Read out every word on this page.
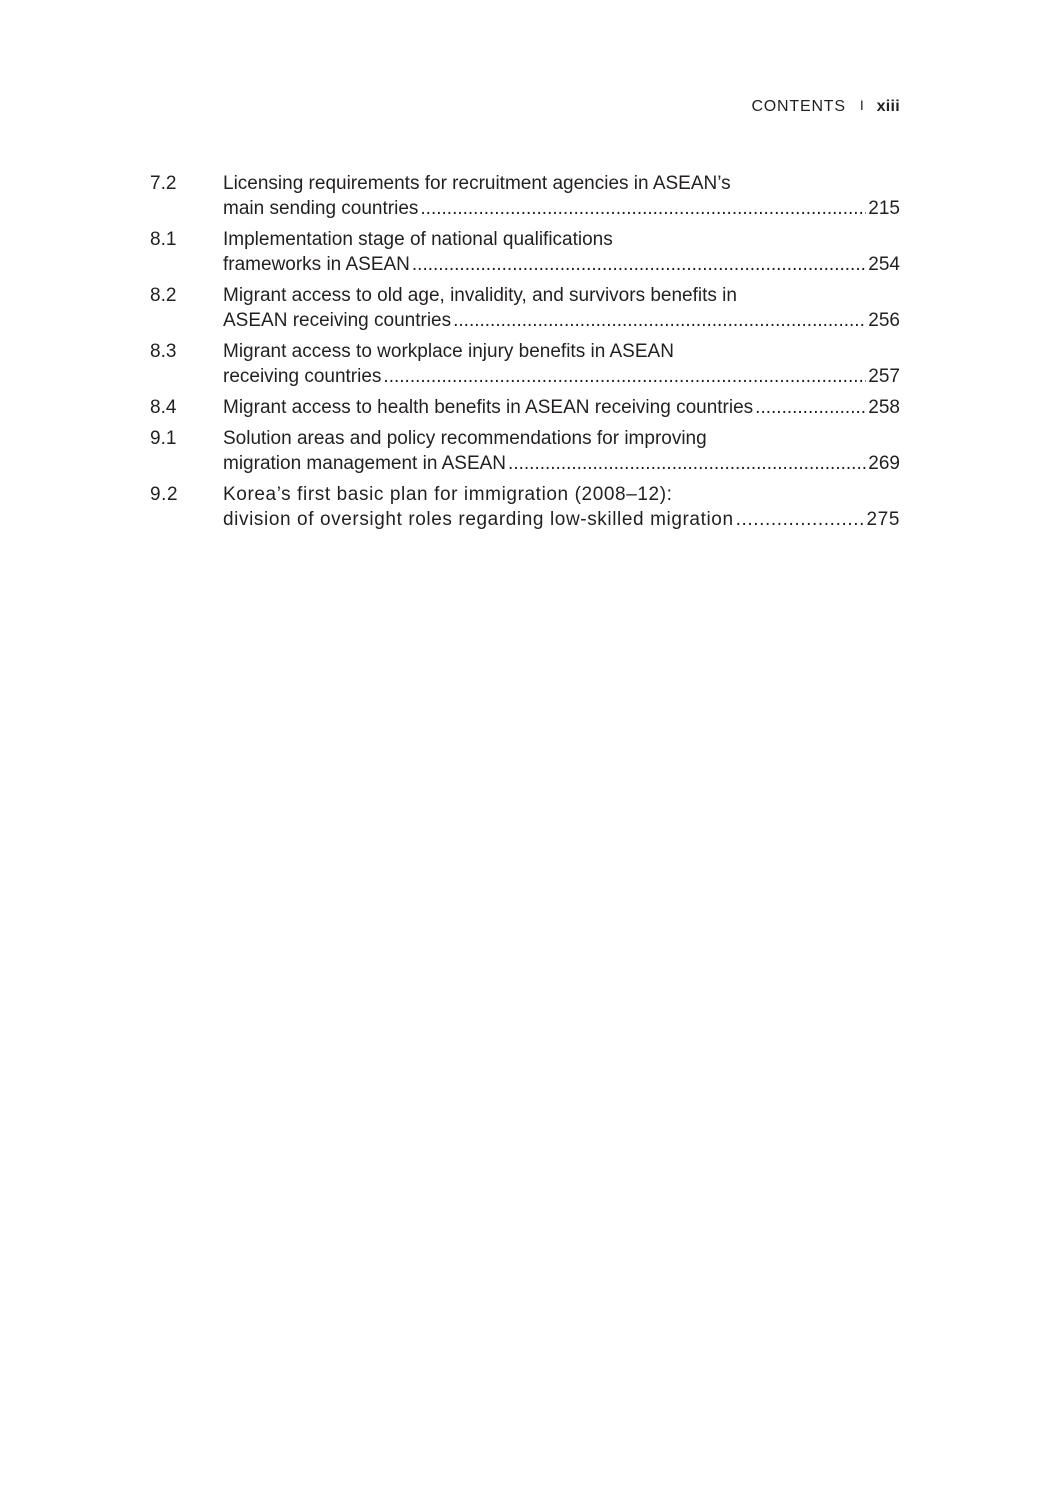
CONTENTS I xiii
7.2	Licensing requirements for recruitment agencies in ASEAN’s
main sending countries .....	215
8.1	Implementation stage of national qualifications
frameworks in ASEAN .....	254
8.2	Migrant access to old age, invalidity, and survivors benefits in
ASEAN receiving countries .....	256
8.3	Migrant access to workplace injury benefits in ASEAN
receiving countries .....	257
8.4	Migrant access to health benefits in ASEAN receiving countries .....	258
9.1	Solution areas and policy recommendations for improving
migration management in ASEAN .....	269
9.2	Korea’s first basic plan for immigration (2008–12):
division of oversight roles regarding low-skilled migration .....	275
